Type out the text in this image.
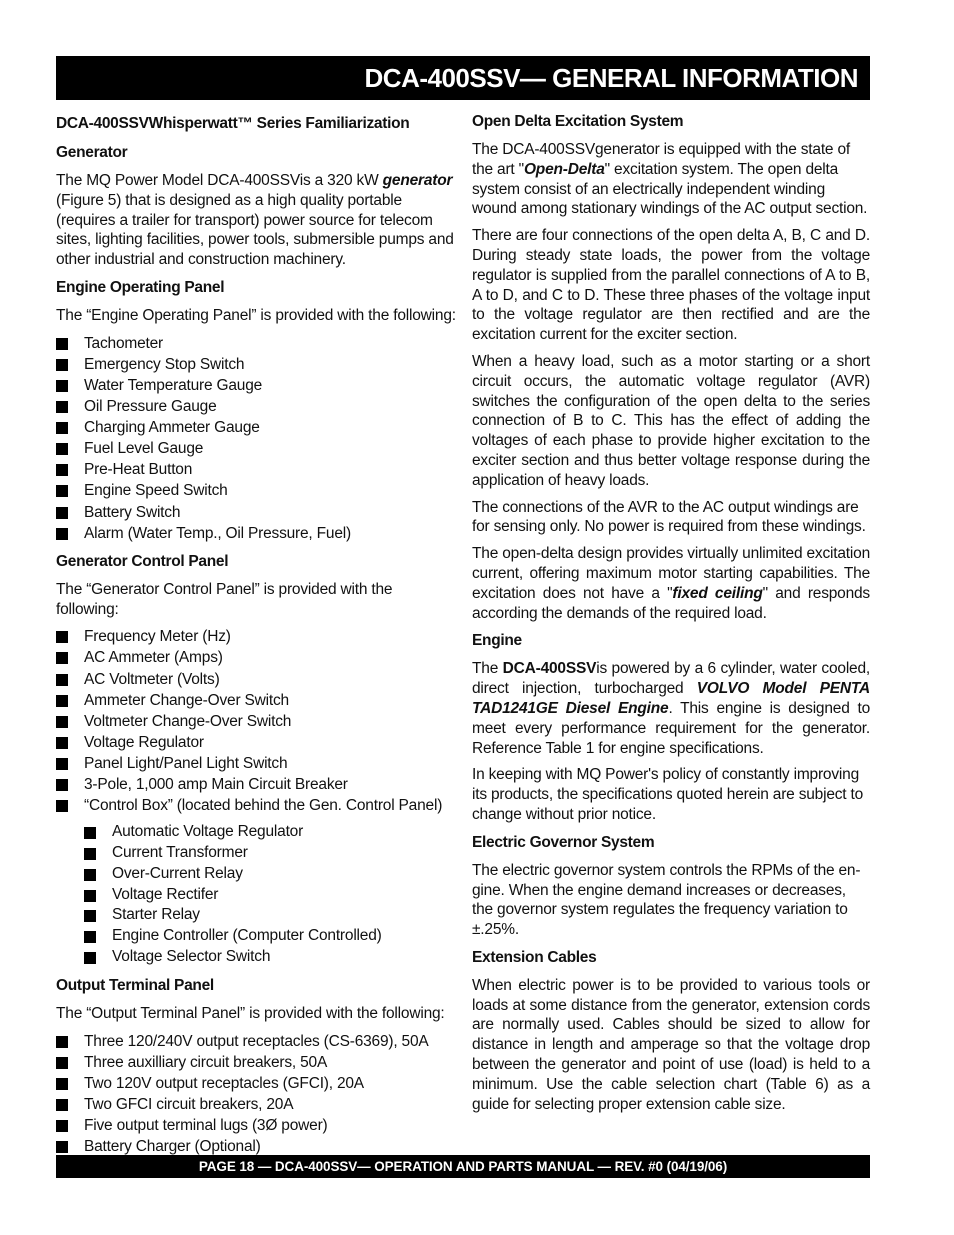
DCA-400SSV— GENERAL INFORMATION
DCA-400SSVWhisperwatt™ Series Familiarization
Generator

The MQ Power Model DCA-400SSVis a 320 kW generator (Figure 5) that is designed as a high quality portable (requires a trailer for transport) power source for telecom sites, lighting facilities, power tools, submersible pumps and other industrial and construction machinery.

Engine Operating Panel

The “Engine Operating Panel” is provided with the following:

Tachometer
Emergency Stop Switch
Water Temperature Gauge
Oil Pressure Gauge
Charging Ammeter Gauge
Fuel Level Gauge
Pre-Heat Button
Engine Speed Switch
Battery Switch
Alarm (Water Temp., Oil Pressure, Fuel)
Generator Control Panel

The “Generator Control Panel” is provided with the following:

Frequency Meter (Hz)
AC Ammeter (Amps)
AC Voltmeter (Volts)
Ammeter Change-Over Switch
Voltmeter Change-Over Switch
Voltage Regulator
Panel Light/Panel Light Switch
3-Pole, 1,000 amp Main Circuit Breaker
“Control Box” (located behind the Gen. Control Panel)
Automatic Voltage Regulator
Current Transformer
Over-Current Relay
Voltage Rectifer
Starter Relay
Engine Controller (Computer Controlled)
Voltage Selector Switch
Output Terminal Panel

The “Output Terminal Panel” is provided with the following:

Three 120/240V output receptacles (CS-6369), 50A
Three auxilliary circuit breakers, 50A
Two 120V output receptacles (GFCI), 20A
Two GFCI circuit breakers, 20A
Five output terminal lugs (3Ø power)
Battery Charger (Optional)
Open Delta Excitation System

The DCA-400SSVgenerator is equipped with the state of the art "Open-Delta" excitation system. The open delta system consist of an electrically independent winding wound among stationary windings of the AC output section.

There are four connections of the open delta A, B, C and D. During steady state loads, the power from the voltage regulator is supplied from the parallel connections of A to B, A to D, and C to D. These three phases of the voltage input to the voltage regulator are then rectified and are the excitation current for the exciter section.

When a heavy load, such as a motor starting or a short circuit occurs, the automatic voltage regulator (AVR) switches the configuration of the open delta to the series connection of B to C. This has the effect of adding the voltages of each phase to provide higher excitation to the exciter section and thus better voltage response during the application of heavy loads.

The connections of the AVR to the AC output windings are for sensing only. No power is required from these windings.

The open-delta design provides virtually unlimited excitation current, offering maximum motor starting capabilities. The excitation does not have a "fixed ceiling" and responds according the demands of the required load.

Engine

The DCA-400SSVis powered by a 6 cylinder, water cooled, direct injection, turbocharged VOLVO Model PENTA TAD1241GE Diesel Engine. This engine is designed to meet every performance requirement for the generator. Reference Table 1 for engine specifications.

In keeping with MQ Power's policy of constantly improving its products, the specifications quoted herein are subject to change without prior notice.

Electric Governor System

The electric governor system controls the RPMs of the en- gine. When the engine demand increases or decreases, the governor system regulates the frequency variation to ±.25%.

Extension Cables

When electric power is to be provided to various tools or loads at some distance from the generator, extension cords are normally used. Cables should be sized to allow for distance in length and amperage so that the voltage drop between the generator and point of use (load) is held to a minimum. Use the cable selection chart (Table 6) as a guide for selecting proper extension cable size.

PAGE 18 — DCA-400SSV— OPERATION AND PARTS MANUAL — REV. #0 (04/19/06)
